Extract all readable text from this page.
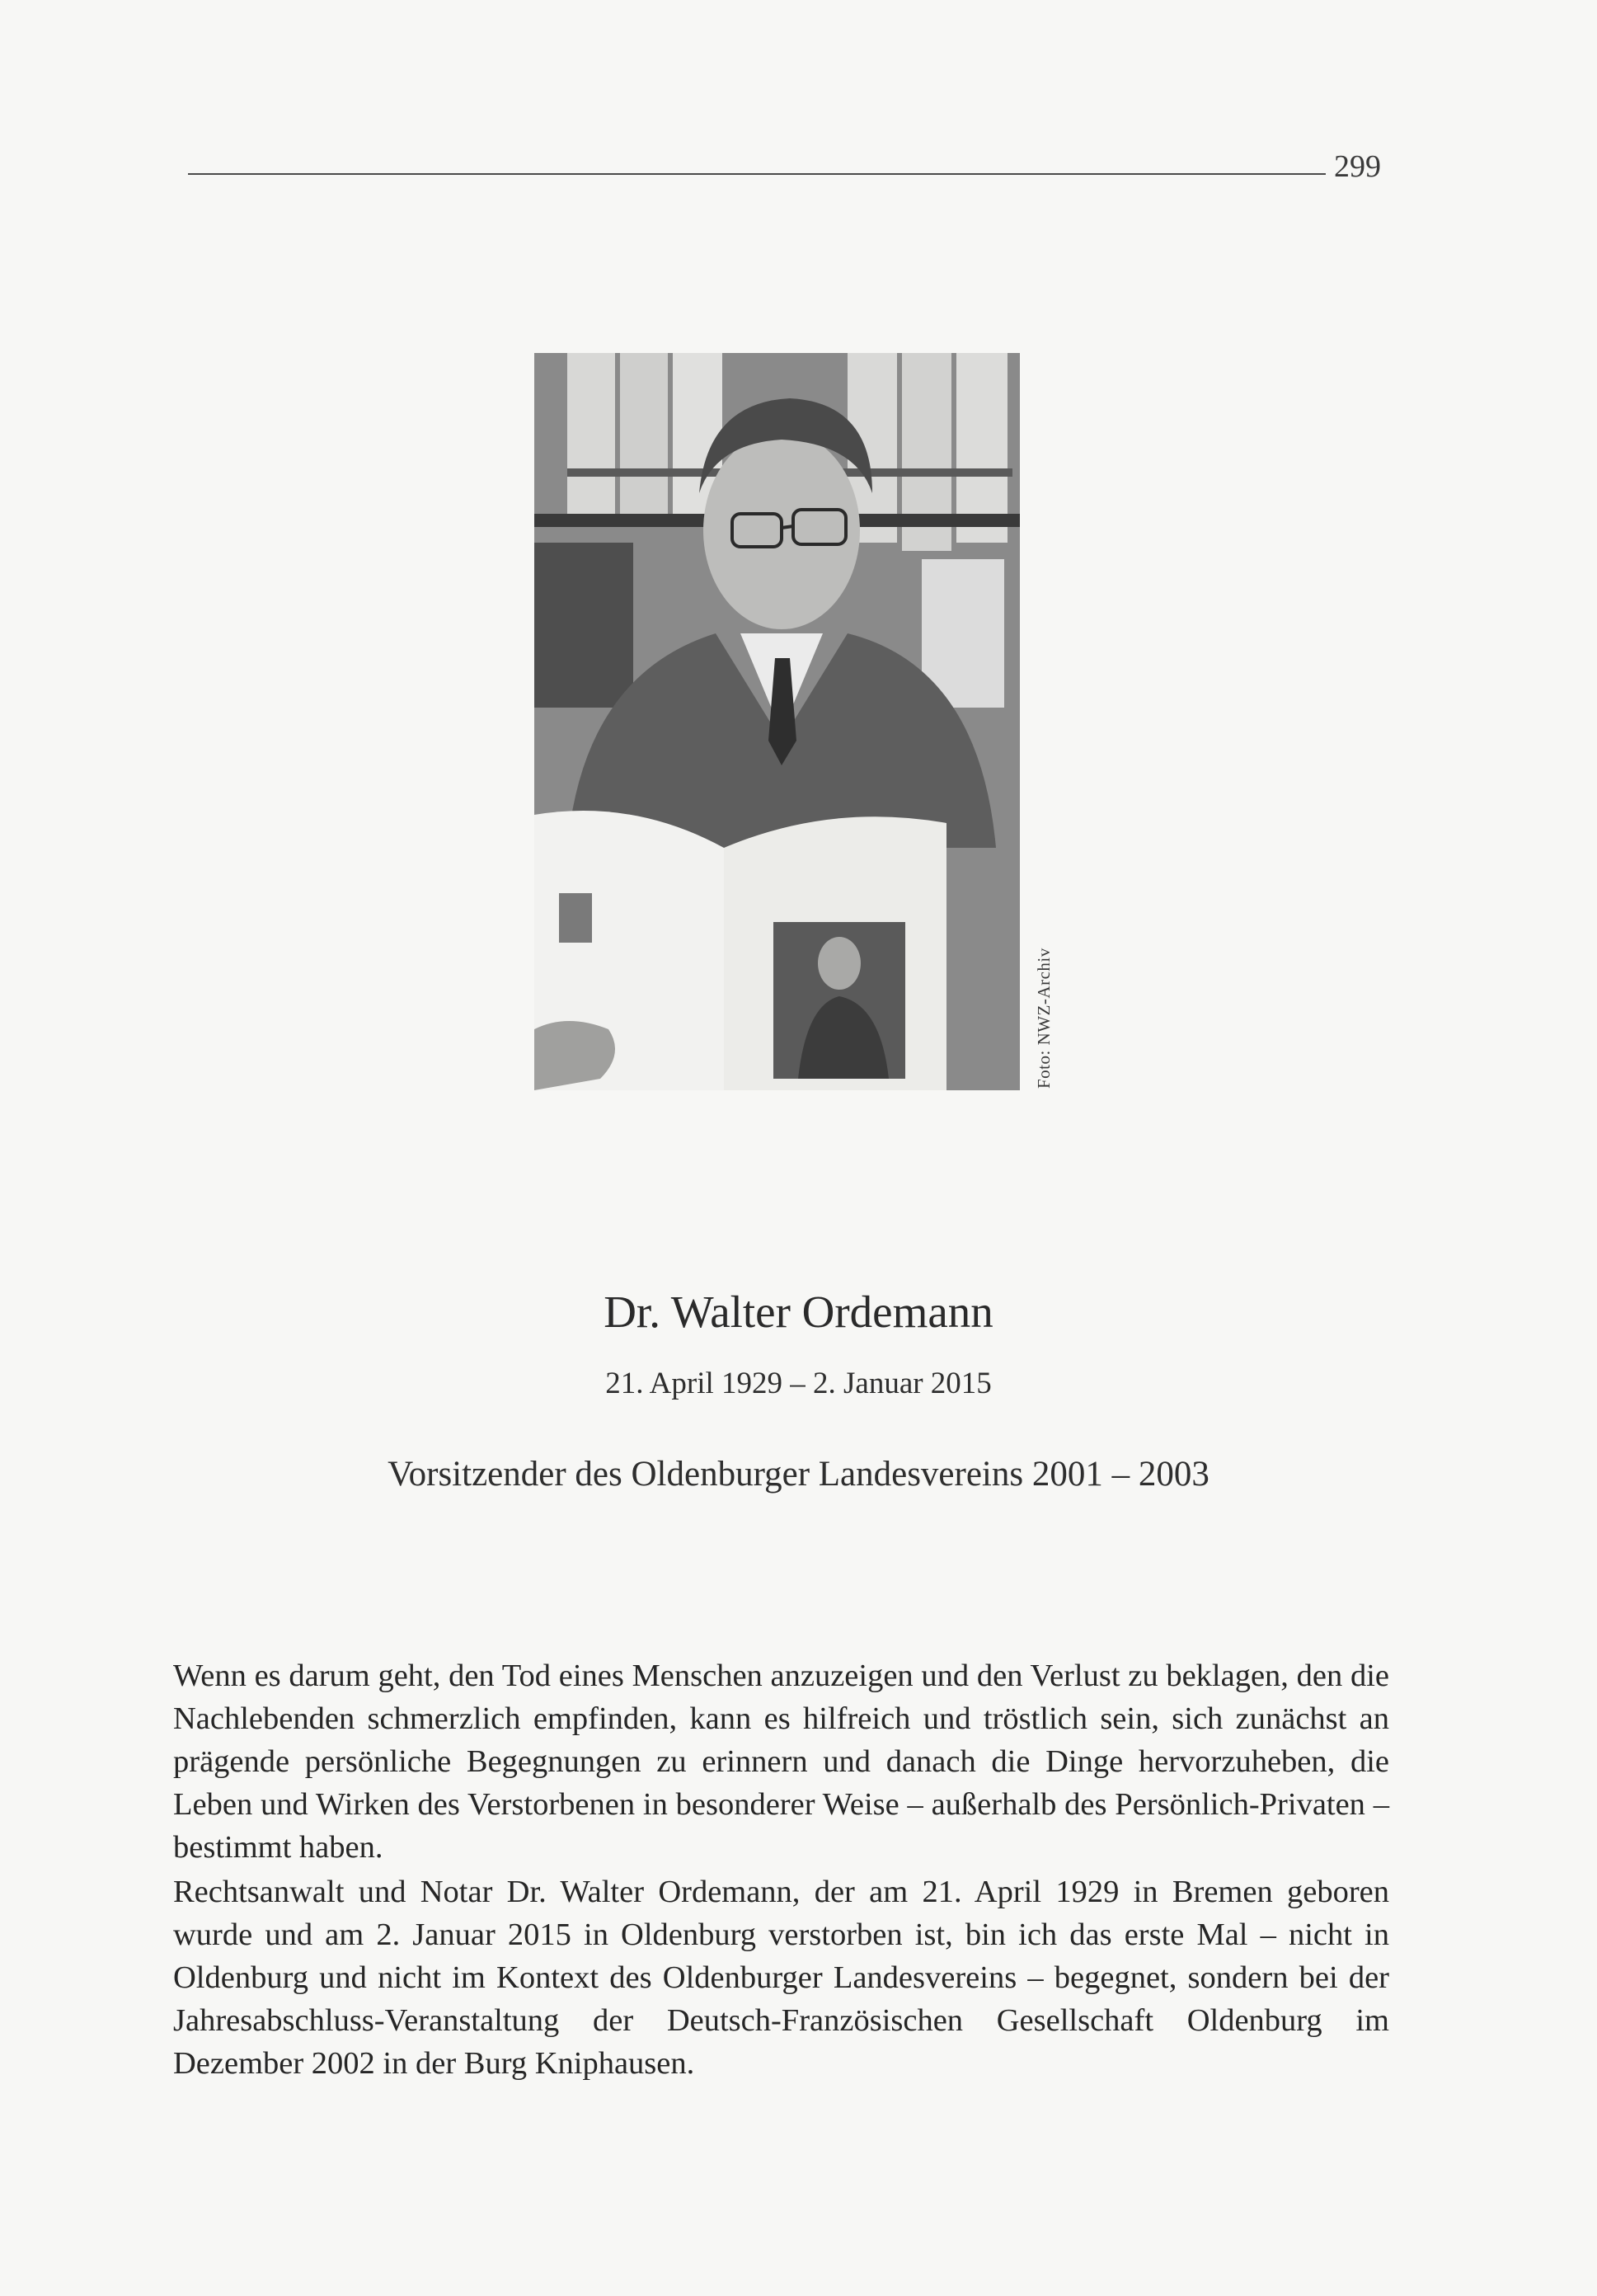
299
Foto: NWZ-Archiv
Dr. Walter Ordemann
21. April 1929 – 2. Januar 2015
Vorsitzender des Oldenburger Landesvereins 2001 – 2003

Wenn es darum geht, den Tod eines Menschen anzuzeigen und den Verlust zu beklagen, den die Nachlebenden schmerzlich empfinden, kann es hilfreich und tröstlich sein, sich zunächst an prägende persönliche Begegnungen zu erinnern und danach die Dinge hervorzuheben, die Leben und Wirken des Verstorbenen in besonderer Weise – außerhalb des Persönlich-Privaten – bestimmt haben.

Rechtsanwalt und Notar Dr. Walter Ordemann, der am 21. April 1929 in Bremen geboren wurde und am 2. Januar 2015 in Oldenburg verstorben ist, bin ich das erste Mal – nicht in Oldenburg und nicht im Kontext des Oldenburger Landesvereins – begegnet, sondern bei der Jahresabschluss-Veranstaltung der Deutsch-Französischen Gesellschaft Oldenburg im Dezember 2002 in der Burg Kniphausen.
